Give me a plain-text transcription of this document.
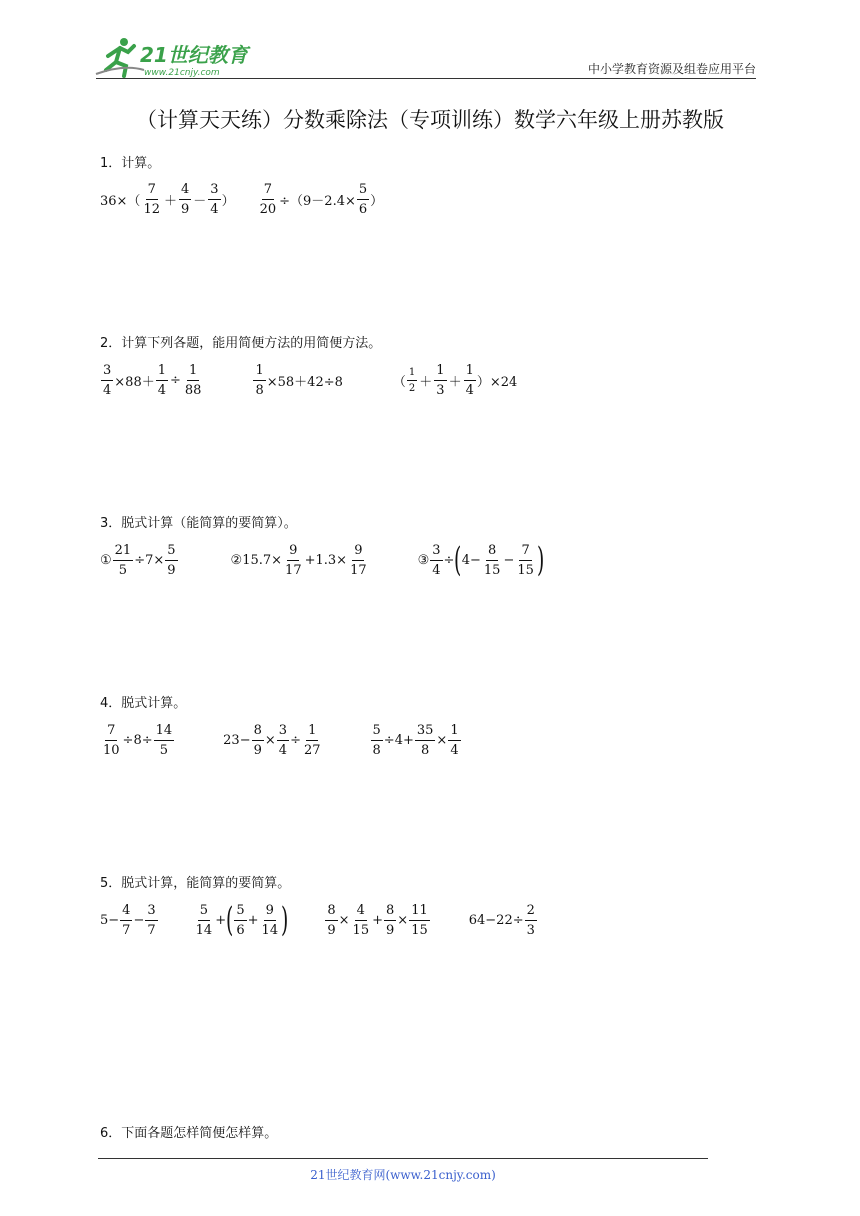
21世纪教育
www.21cnjy.com	中小学教育资源及组卷应用平台
（计算天天练）分数乘除法（专项训练）数学六年级上册苏教版
1．计算。
$36\times( \frac{7}{12} + \frac{4}{9} - \frac{3}{4}$ ） $\frac{7}{20} \div(9-2.4\times \frac{5}{6}$ ）
2．计算下列各题，能用简便方法的用简便方法。
$\frac{3}{4} \times 88+ \frac{1}{4} \div \frac{1}{88}$	$\frac{1}{8} \times 58+42\div 8$	（ $\frac{1}{2} + \frac{1}{3} + \frac{1}{4} )\times 24$
3．脱式计算（能简算的要简算）。
① $\frac{21}{5} \div 7\times \frac{5}{9}$	②15.7× $\frac{9}{17} +1.3\times \frac{9}{17}$	③ $\frac{3}{4}$ ÷ ( $4- \frac{8}{15} - \frac{7}{15}$ )
4．脱式计算。
$\frac{7}{10} \div 8\div \frac{14}{5}$	$23- \frac{8}{9} \times \frac{3}{4} \div \frac{1}{27}$	$\frac{5}{8} \div 4+ \frac{35}{8} \times \frac{1}{4}$
5．脱式计算，能简算的要简算。
$5- \frac{4}{7} - \frac{3}{7}$	$\frac{5}{14}$ + ( $\frac{5}{6} + \frac{9}{14}$ )	$\frac{8}{9} \times \frac{4}{15} + \frac{8}{9} \times \frac{11}{15}$	$64-22\div \frac{2}{3}$
6．下面各题怎样简便怎样算。
21世纪教育网(www.21cnjy.com)
